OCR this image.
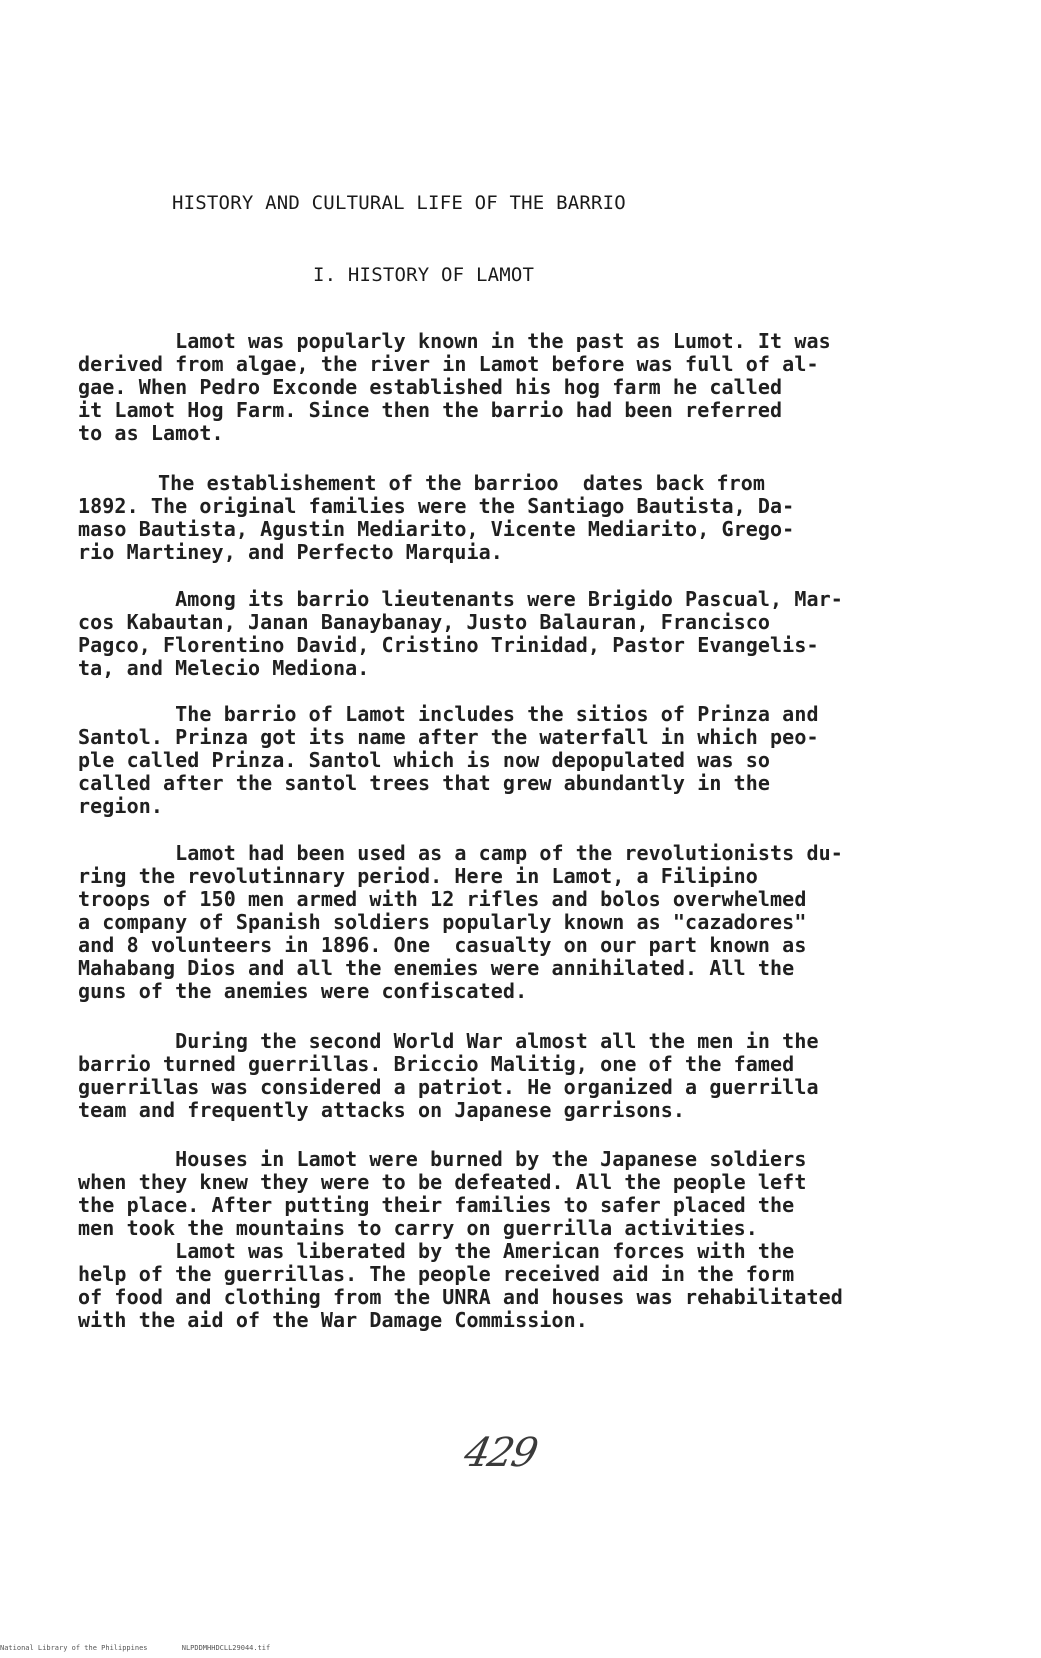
HISTORY AND CULTURAL LIFE OF THE BARRIO
I. HISTORY OF LAMOT
Lamot was popularly known in the past as Lumot. It was
derived from algae, the river in Lamot before was full of al-
gae. When Pedro Exconde established his hog farm he called
it Lamot Hog Farm. Since then the barrio had been referred
to as Lamot.
The establishement of the barrioo  dates back from
1892. The original families were the Santiago Bautista, Da-
maso Bautista, Agustin Mediarito, Vicente Mediarito, Grego-
rio Martiney, and Perfecto Marquia.
Among its barrio lieutenants were Brigido Pascual, Mar-
cos Kabautan, Janan Banaybanay, Justo Balauran, Francisco
Pagco, Florentino David, Cristino Trinidad, Pastor Evangelis-
ta, and Melecio Mediona.
The barrio of Lamot includes the sitios of Prinza and
Santol. Prinza got its name after the waterfall in which peo-
ple called Prinza. Santol which is now depopulated was so
called after the santol trees that grew abundantly in the
region.
Lamot had been used as a camp of the revolutionists du-
ring the revolutinnary period. Here in Lamot, a Filipino
troops of 150 men armed with 12 rifles and bolos overwhelmed
a company of Spanish soldiers popularly known as "cazadores"
and 8 volunteers in 1896. One  casualty on our part known as
Mahabang Dios and all the enemies were annihilated. All the
guns of the anemies were confiscated.
During the second World War almost all the men in the
barrio turned guerrillas. Briccio Malitig, one of the famed
guerrillas was considered a patriot. He organized a guerrilla
team and frequently attacks on Japanese garrisons.
Houses in Lamot were burned by the Japanese soldiers
when they knew they were to be defeated. All the people left
the place. After putting their families to safer placed the
men took the mountains to carry on guerrilla activities.
Lamot was liberated by the American forces with the
help of the guerrillas. The people received aid in the form
of food and clothing from the UNRA and houses was rehabilitated
with the aid of the War Damage Commission.
429
National Library of the Philippines	NLPDDMHHDCLL29044.tif
